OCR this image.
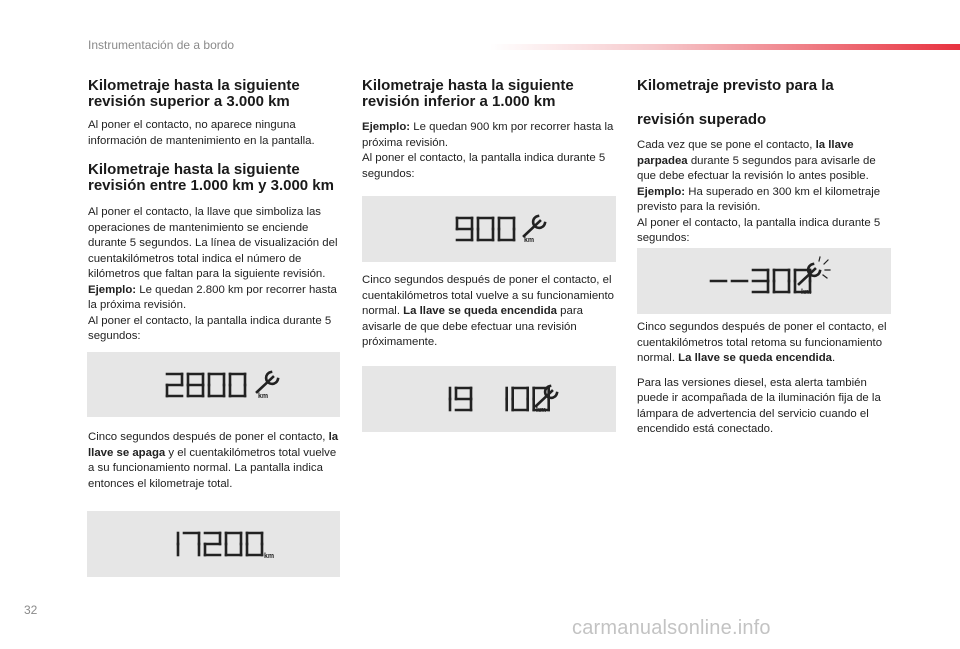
Instrumentación de a bordo
Kilometraje hasta la siguiente revisión superior a 3.000 km

Al poner el contacto, no aparece ninguna información de mantenimiento en la pantalla.

Kilometraje hasta la siguiente revisión entre 1.000 km y 3.000 km

Al poner el contacto, la llave que simboliza las operaciones de mantenimiento se enciende durante 5 segundos. La línea de visualización del cuentakilómetros total indica el número de kilómetros que faltan para la siguiente revisión.
Ejemplo: Le quedan 2.800 km por recorrer hasta la próxima revisión.
Al poner el contacto, la pantalla indica durante 5 segundos:

km

Cinco segundos después de poner el contacto, la llave se apaga y el cuentakilómetros total vuelve a su funcionamiento normal. La pantalla indica entonces el kilometraje total.

km
Kilometraje hasta la siguiente revisión inferior a 1.000 km

Ejemplo: Le quedan 900 km por recorrer hasta la próxima revisión.
Al poner el contacto, la pantalla indica durante 5 segundos:

km

Cinco segundos después de poner el contacto, el cuentakilómetros total vuelve a su funcionamiento normal. La llave se queda encendida para avisarle de que debe efectuar una revisión próximamente.

km
Kilometraje previsto para la
revisión superado

Cada vez que se pone el contacto, la llave parpadea durante 5 segundos para avisarle de que debe efectuar la revisión lo antes posible.
Ejemplo: Ha superado en 300 km el kilometraje previsto para la revisión.
Al poner el contacto, la pantalla indica durante 5 segundos:

km

Cinco segundos después de poner el contacto, el cuentakilómetros total retoma su funcionamiento normal. La llave se queda encendida.

Para las versiones diesel, esta alerta también puede ir acompañada de la iluminación fija de la lámpara de advertencia del servicio cuando el encendido está conectado.

32
carmanualsonline.info
